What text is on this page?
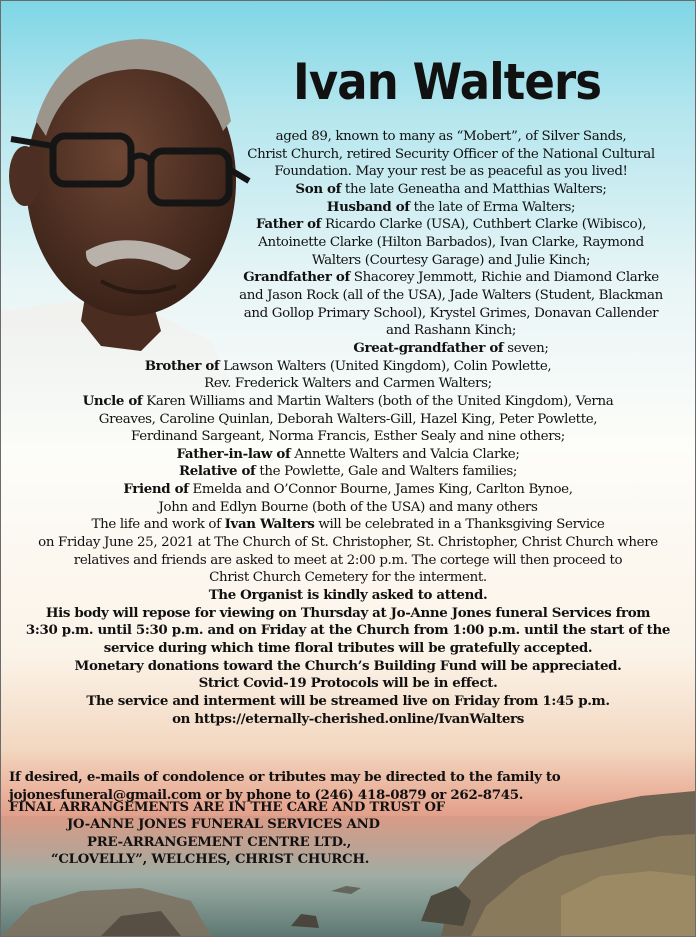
Ivan Walters
aged 89, known to many as “Mobert”, of Silver Sands,
Christ Church, retired Security Officer of the National Cultural
Foundation. May your rest be as peaceful as you lived!
Son of the late Geneatha and Matthias Walters;
Husband of the late of Erma Walters;
Father of Ricardo Clarke (USA), Cuthbert Clarke (Wibisco),
Antoinette Clarke (Hilton Barbados), Ivan Clarke, Raymond
Walters (Courtesy Garage) and Julie Kinch;
Grandfather of Shacorey Jemmott, Richie and Diamond Clarke
and Jason Rock (all of the USA), Jade Walters (Student, Blackman
and Gollop Primary School), Krystel Grimes, Donavan Callender
and Rashann Kinch;
Great-grandfather of seven;
Brother of Lawson Walters (United Kingdom), Colin Powlette,
Rev. Frederick Walters and Carmen Walters;
Uncle of Karen Williams and Martin Walters (both of the United Kingdom), Verna
Greaves, Caroline Quinlan, Deborah Walters-Gill, Hazel King, Peter Powlette,
Ferdinand Sargeant, Norma Francis, Esther Sealy and nine others;
Father-in-law of Annette Walters and Valcia Clarke;
Relative of the Powlette, Gale and Walters families;
Friend of Emelda and O’Connor Bourne, James King, Carlton Bynoe,
John and Edlyn Bourne (both of the USA) and many others
The life and work of Ivan Walters will be celebrated in a Thanksgiving Service
on Friday June 25, 2021 at The Church of St. Christopher, St. Christopher, Christ Church where
relatives and friends are asked to meet at 2:00 p.m. The cortege will then proceed to
Christ Church Cemetery for the interment.
The Organist is kindly asked to attend.
His body will repose for viewing on Thursday at Jo-Anne Jones funeral Services from
3:30 p.m. until 5:30 p.m. and on Friday at the Church from 1:00 p.m. until the start of the
service during which time floral tributes will be gratefully accepted.
Monetary donations toward the Church’s Building Fund will be appreciated.
Strict Covid-19 Protocols will be in effect.
The service and interment will be streamed live on Friday from 1:45 p.m.
on https://eternally-cherished.online/IvanWalters
If desired, e-mails of condolence or tributes may be directed to the family to
jojonesfuneral@gmail.com or by phone to (246) 418-0879 or 262-8745.
FINAL ARRANGEMENTS ARE IN THE CARE AND TRUST OF
JO-ANNE JONES FUNERAL SERVICES AND
PRE-ARRANGEMENT CENTRE LTD.,
“CLOVELLY”, WELCHES, CHRIST CHURCH.
